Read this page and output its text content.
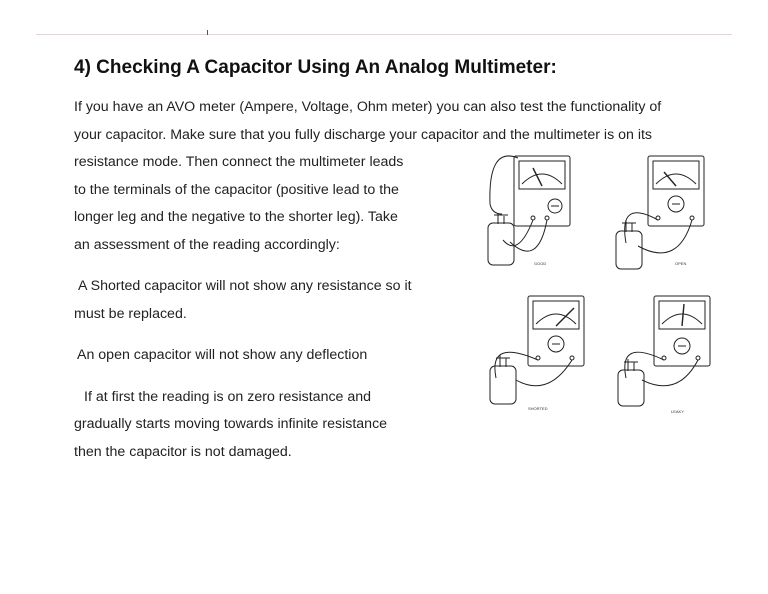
4) Checking A Capacitor Using An Analog Multimeter:

If you have an AVO meter (Ampere, Voltage, Ohm meter) you can also test the functionality of

your capacitor. Make sure that you fully discharge your capacitor and the multimeter is on its

resistance mode. Then connect the multimeter leads

to the terminals of the capacitor (positive lead to the

longer leg and the negative to the shorter leg). Take

an assessment of the reading accordingly:

A Shorted capacitor will not show any resistance so it

must be replaced.

An open capacitor will not show any deflection

If at first the reading is on zero resistance and

gradually starts moving towards infinite resistance

then the capacitor is not damaged.

GOOD	OPEN
SHORTED
LEAKY
